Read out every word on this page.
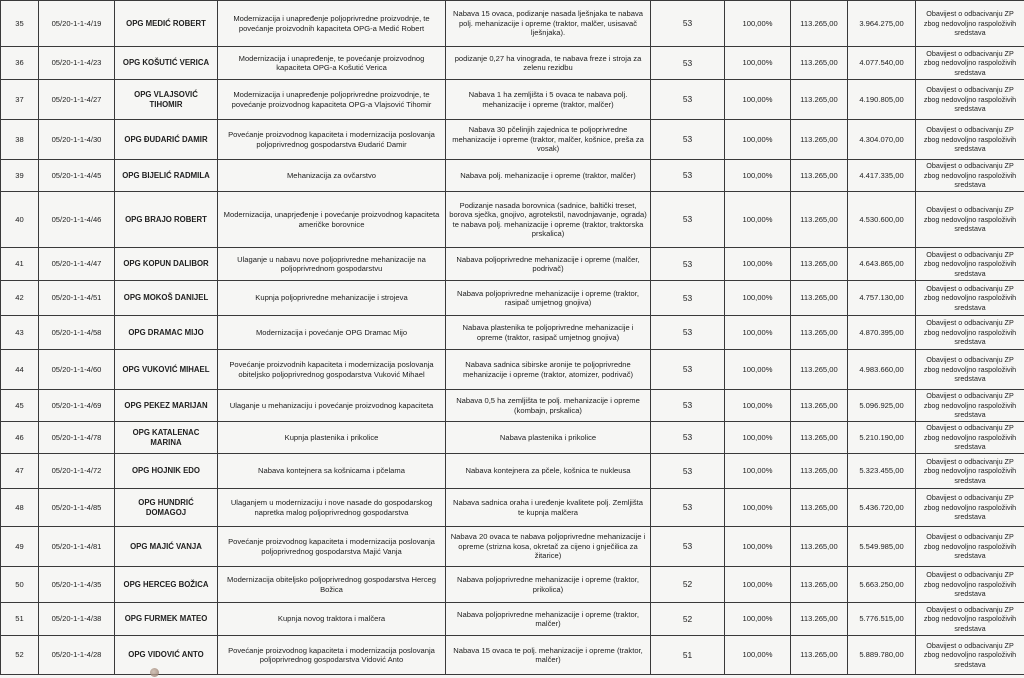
35	05/20-1-1-4/19	OPG MEDIĆ ROBERT	Modernizacija i unapređenje poljoprivredne proizvodnje, te povećanje proizvodnih kapaciteta OPG-a Medić Robert	Nabava 15 ovaca, podizanje nasada lješnjaka te nabava polj. mehanizacije i opreme (traktor, malčer, usisavač lješnjaka).	53	100,00%	113.265,00	3.964.275,00	Obavijest o odbacivanju ZP zbog nedovoljno raspoloživih sredstava
36	05/20-1-1-4/23	OPG KOŠUTIĆ VERICA	Modernizacija i unapređenje, te povećanje proizvodnog kapaciteta OPG-a Košutić Verica	podizanje 0,27 ha vinograda, te nabava freze i stroja za zelenu rezidbu	53	100,00%	113.265,00	4.077.540,00	Obavijest o odbacivanju ZP zbog nedovoljno raspoloživih sredstava
37	05/20-1-1-4/27	OPG VLAJSOVIĆ TIHOMIR	Modernizacija i unapređenje poljoprivredne proizvodnje, te povećanje proizvodnog kapaciteta OPG-a Vlajsović Tihomir	Nabava 1 ha zemljišta i 5 ovaca te nabava polj. mehanizacije i opreme (traktor, malčer)	53	100,00%	113.265,00	4.190.805,00	Obavijest o odbacivanju ZP zbog nedovoljno raspoloživih sredstava
38	05/20-1-1-4/30	OPG ĐUDARIĆ DAMIR	Povećanje proizvodnog kapaciteta i modernizacija poslovanja poljoprivrednog gospodarstva Đudarić Damir	Nabava 30 pčelinjih zajednica te poljoprivredne mehanizacije i opreme (traktor, malčer, košnice, preša za vosak)	53	100,00%	113.265,00	4.304.070,00	Obavijest o odbacivanju ZP zbog nedovoljno raspoloživih sredstava
39	05/20-1-1-4/45	OPG BIJELIĆ RADMILA	Mehanizacija za ovčarstvo	Nabava polj. mehanizacije i opreme (traktor, malčer)	53	100,00%	113.265,00	4.417.335,00	Obavijest o odbacivanju ZP zbog nedovoljno raspoloživih sredstava
40	05/20-1-1-4/46	OPG BRAJO ROBERT	Modernizacija, unaprjeđenje i povećanje proizvodnog kapaciteta američke borovnice	Podizanje nasada borovnica (sadnice, baltički treset, borova sječka, gnojivo, agrotekstil, navodnjavanje, ograda) te nabava polj. mehanizacije i opreme (traktor, traktorska prskalica)	53	100,00%	113.265,00	4.530.600,00	Obavijest o odbacivanju ZP zbog nedovoljno raspoloživih sredstava
41	05/20-1-1-4/47	OPG KOPUN DALIBOR	Ulaganje u nabavu nove poljoprivredne mehanizacije na poljoprivrednom gospodarstvu	Nabava poljoprivredne mehanizacije i opreme (malčer, podrivač)	53	100,00%	113.265,00	4.643.865,00	Obavijest o odbacivanju ZP zbog nedovoljno raspoloživih sredstava
42	05/20-1-1-4/51	OPG MOKOŠ DANIJEL	Kupnja poljoprivredne mehanizacije i strojeva	Nabava poljoprivredne mehanizacije i opreme (traktor, rasipač umjetnog gnojiva)	53	100,00%	113.265,00	4.757.130,00	Obavijest o odbacivanju ZP zbog nedovoljno raspoloživih sredstava
43	05/20-1-1-4/58	OPG DRAMAC MIJO	Modernizacija i povećanje OPG Dramac Mijo	Nabava plastenika te poljoprivredne mehanizacije i opreme (traktor, rasipač umjetnog gnojiva)	53	100,00%	113.265,00	4.870.395,00	Obavijest o odbacivanju ZP zbog nedovoljno raspoloživih sredstava
44	05/20-1-1-4/60	OPG VUKOVIĆ MIHAEL	Povećanje proizvodnih kapaciteta i modernizacija poslovanja obiteljsko poljoprivrednog gospodarstva Vuković Mihael	Nabava sadnica sibirske aronije te poljoprivredne mehanizacije i opreme (traktor, atomizer, podrivač)	53	100,00%	113.265,00	4.983.660,00	Obavijest o odbacivanju ZP zbog nedovoljno raspoloživih sredstava
45	05/20-1-1-4/69	OPG PEKEZ MARIJAN	Ulaganje u mehanizaciju i povećanje proizvodnog kapaciteta	Nabava 0,5 ha zemljišta te polj. mehanizacije i opreme (kombajn, prskalica)	53	100,00%	113.265,00	5.096.925,00	Obavijest o odbacivanju ZP zbog nedovoljno raspoloživih sredstava
46	05/20-1-1-4/78	OPG KATALENAC MARINA	Kupnja plastenika i prikolice	Nabava plastenika i prikolice	53	100,00%	113.265,00	5.210.190,00	Obavijest o odbacivanju ZP zbog nedovoljno raspoloživih sredstava
47	05/20-1-1-4/72	OPG HOJNIK EDO	Nabava kontejnera sa košnicama i pčelama	Nabava kontejnera za pčele, košnica te nukleusa	53	100,00%	113.265,00	5.323.455,00	Obavijest o odbacivanju ZP zbog nedovoljno raspoloživih sredstava
48	05/20-1-1-4/85	OPG HUNDRIĆ DOMAGOJ	Ulaganjem u modernizaciju i nove nasade do gospodarskog napretka malog poljoprivrednog gospodarstva	Nabava sadnica oraha i uređenje kvalitete polj. Zemljišta te kupnja malčera	53	100,00%	113.265,00	5.436.720,00	Obavijest o odbacivanju ZP zbog nedovoljno raspoloživih sredstava
49	05/20-1-1-4/81	OPG MAJIĆ VANJA	Povećanje proizvodnog kapaciteta i modernizacija poslovanja poljoprivrednog gospodarstva Majić Vanja	Nabava 20 ovaca te nabava poljoprivredne mehanizacije i opreme (strizna kosa, okretač za cijeno i gnječilica za žitarice)	53	100,00%	113.265,00	5.549.985,00	Obavijest o odbacivanju ZP zbog nedovoljno raspoloživih sredstava
50	05/20-1-1-4/35	OPG HERCEG BOŽICA	Modernizacija obiteljsko poljoprivrednog gospodarstva Herceg Božica	Nabava poljoprivredne mehanizacije i opreme (traktor, prikolica)	52	100,00%	113.265,00	5.663.250,00	Obavijest o odbacivanju ZP zbog nedovoljno raspoloživih sredstava
51	05/20-1-1-4/38	OPG FURMEK MATEO	Kupnja novog traktora i malčera	Nabava poljoprivredne mehanizacije i opreme (traktor, malčer)	52	100,00%	113.265,00	5.776.515,00	Obavijest o odbacivanju ZP zbog nedovoljno raspoloživih sredstava
52	05/20-1-1-4/28	OPG VIDOVIĆ ANTO	Povećanje proizvodnog kapaciteta i modernizacija poslovanja poljoprivrednog gospodarstva Vidović Anto	Nabava 15 ovaca te polj. mehanizacije i opreme (traktor, malčer)	51	100,00%	113.265,00	5.889.780,00	Obavijest o odbacivanju ZP zbog nedovoljno raspoloživih sredstava
